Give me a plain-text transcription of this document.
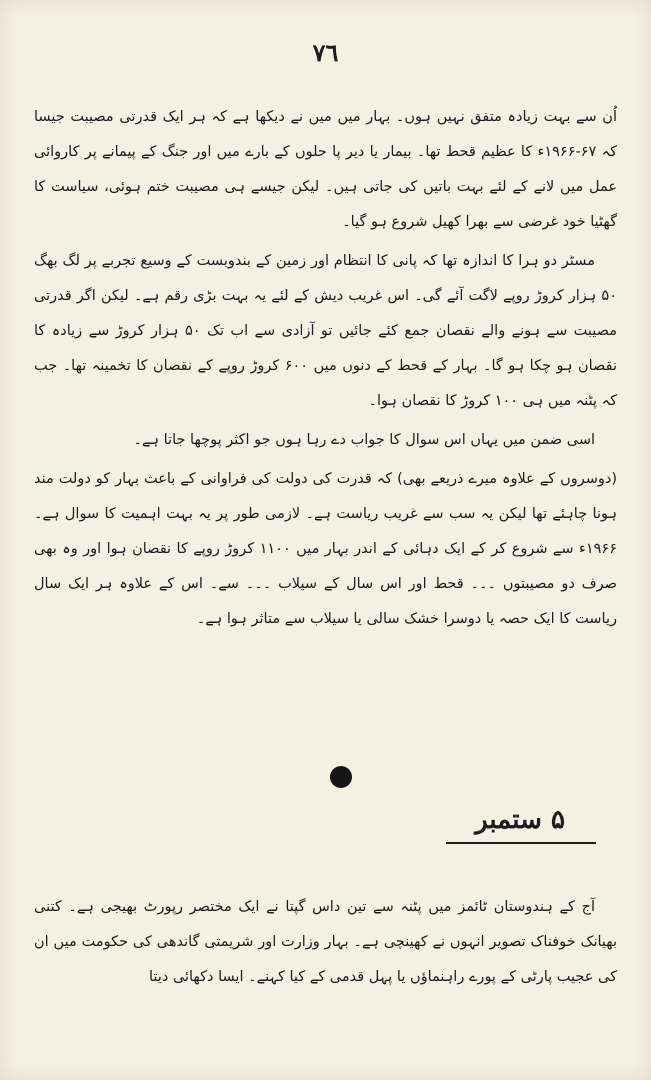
٧٦

اُن سے بہت زیادہ متفق نہیں ہوں۔ بہار میں میں نے دیکھا ہے کہ ہر ایک قدرتی مصیبت جیسا کہ ۶۷-۱۹۶۶ء کا عظیم قحط تھا۔ بیمار یا دیر پا حلوں کے بارے میں اور جنگ کے پیمانے پر کاروائی عمل میں لانے کے لئے بہت باتیں کی جاتی ہیں۔ لیکن جیسے ہی مصیبت ختم ہوئی، سیاست کا گھٹیا خود غرضی سے بھرا کھیل شروع ہو گیا۔

مسٹر دو ہرا کا اندازہ تھا کہ پانی کا انتظام اور زمین کے بندوبست کے وسیع تجربے پر لگ بھگ ۵۰ ہزار کروڑ روپے لاگت آئے گی۔ اس غریب دیش کے لئے یہ بہت بڑی رقم ہے۔ لیکن اگر قدرتی مصیبت سے ہونے والے نقصان جمع کئے جائیں تو آزادی سے اب تک ۵۰ ہزار کروڑ سے زیادہ کا نقصان ہو چکا ہو گا۔ بہار کے قحط کے دنوں میں ۶۰۰ کروڑ روپے کے نقصان کا تخمینہ تھا۔ جب کہ پٹنہ میں ہی ۱۰۰ کروڑ کا نقصان ہوا۔

اسی ضمن میں یہاں اس سوال کا جواب دے رہا ہوں جو اکثر پوچھا جاتا ہے۔

(دوسروں کے علاوہ میرے ذریعے بھی) کہ قدرت کی دولت کی فراوانی کے باعث بہار کو دولت مند ہونا چاہئے تھا لیکن یہ سب سے غریب ریاست ہے۔ لازمی طور پر یہ بہت اہمیت کا سوال ہے۔ ۱۹۶۶ء سے شروع کر کے ایک دہائی کے اندر بہار میں ۱۱۰۰ کروڑ روپے کا نقصان ہوا اور وہ بھی صرف دو مصیبتوں ۔۔۔ قحط اور اس سال کے سیلاب ۔۔۔ سے۔ اس کے علاوہ ہر ایک سال ریاست کا ایک حصہ یا دوسرا خشک سالی یا سیلاب سے متاثر ہوا ہے۔

۵ ستمبر

آج کے ہندوستان ٹائمز میں پٹنہ سے تین داس گپتا نے ایک مختصر رپورٹ بھیجی ہے۔ کتنی بھیانک خوفناک تصویر انہوں نے کھینچی ہے۔ بہار وزارت اور شریمتی گاندھی کی حکومت میں ان کی عجیب پارٹی کے پورے راہنماؤں یا پہل قدمی کے کیا کہنے۔ ایسا دکھائی دیتا
